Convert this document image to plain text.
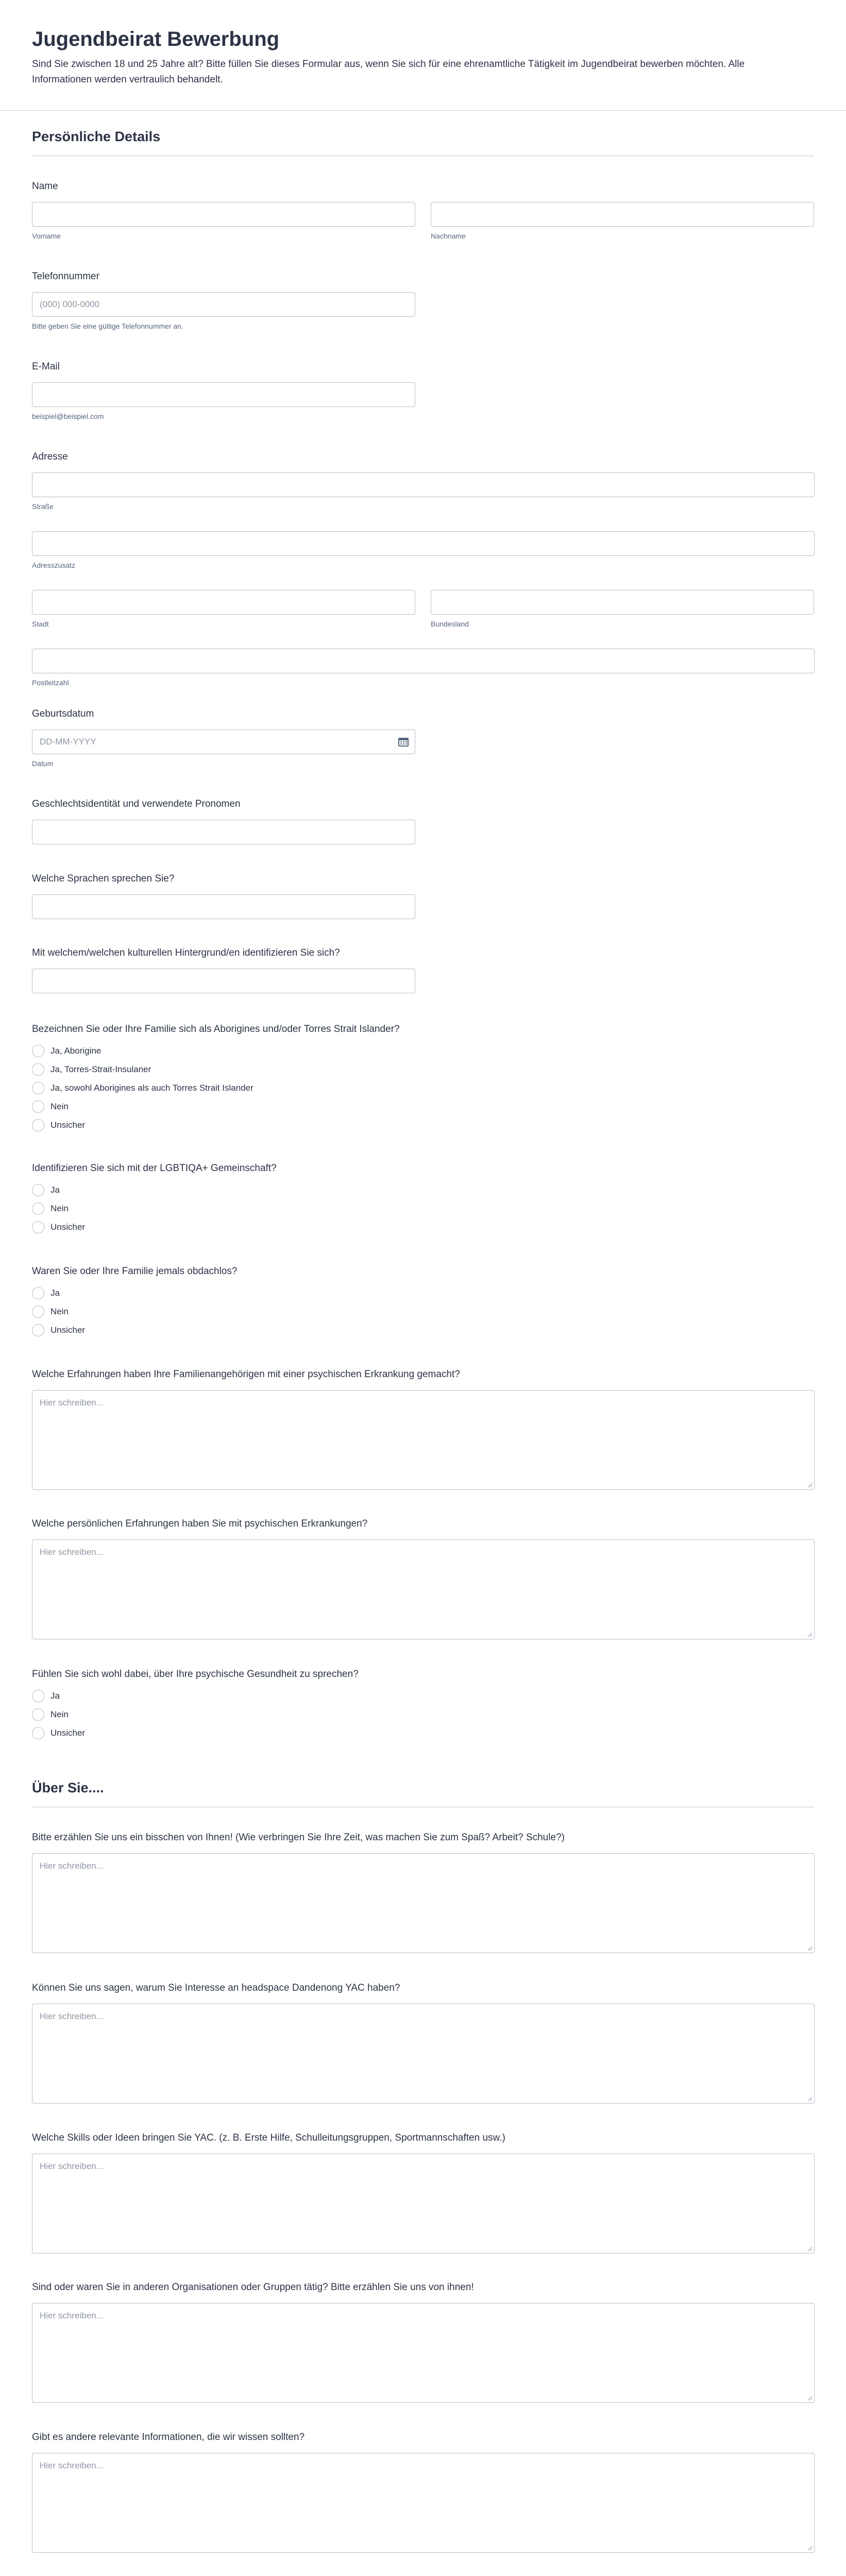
Jugendbeirat Bewerbung

Sind Sie zwischen 18 und 25 Jahre alt? Bitte füllen Sie dieses Formular aus, wenn Sie sich für eine ehrenamtliche Tätigkeit im Jugendbeirat bewerben möchten. Alle Informationen werden vertraulich behandelt.

Persönliche Details
Name
Vorname	Nachname
Telefonnummer
(000) 000-0000
Bitte geben Sie eine gültige Telefonnummer an.
E-Mail
beispiel@beispiel.com
Adresse
Straße
Adresszusatz
Stadt	Bundesland
Postleitzahl
Geburtsdatum
DD-MM-YYYY
Datum
Geschlechtsidentität und verwendete Pronomen
Welche Sprachen sprechen Sie?
Mit welchem/welchen kulturellen Hintergrund/en identifizieren Sie sich?
Bezeichnen Sie oder Ihre Familie sich als Aborigines und/oder Torres Strait Islander?
Ja, Aborigine
Ja, Torres-Strait-Insulaner
Ja, sowohl Aborigines als auch Torres Strait Islander
Nein
Unsicher
Identifizieren Sie sich mit der LGBTIQA+ Gemeinschaft?
Ja
Nein
Unsicher
Waren Sie oder Ihre Familie jemals obdachlos?
Ja
Nein
Unsicher
Welche Erfahrungen haben Ihre Familienangehörigen mit einer psychischen Erkrankung gemacht?
Hier schreiben...
Welche persönlichen Erfahrungen haben Sie mit psychischen Erkrankungen?
Hier schreiben...
Fühlen Sie sich wohl dabei, über Ihre psychische Gesundheit zu sprechen?
Ja
Nein
Unsicher
Über Sie....
Bitte erzählen Sie uns ein bisschen von Ihnen! (Wie verbringen Sie Ihre Zeit, was machen Sie zum Spaß? Arbeit? Schule?)
Hier schreiben...
Können Sie uns sagen, warum Sie Interesse an headspace Dandenong YAC haben?
Hier schreiben...
Welche Skills oder Ideen bringen Sie YAC. (z. B. Erste Hilfe, Schulleitungsgruppen, Sportmannschaften usw.)
Hier schreiben...
Sind oder waren Sie in anderen Organisationen oder Gruppen tätig? Bitte erzählen Sie uns von ihnen!
Hier schreiben...
Gibt es andere relevante Informationen, die wir wissen sollten?
Hier schreiben...
